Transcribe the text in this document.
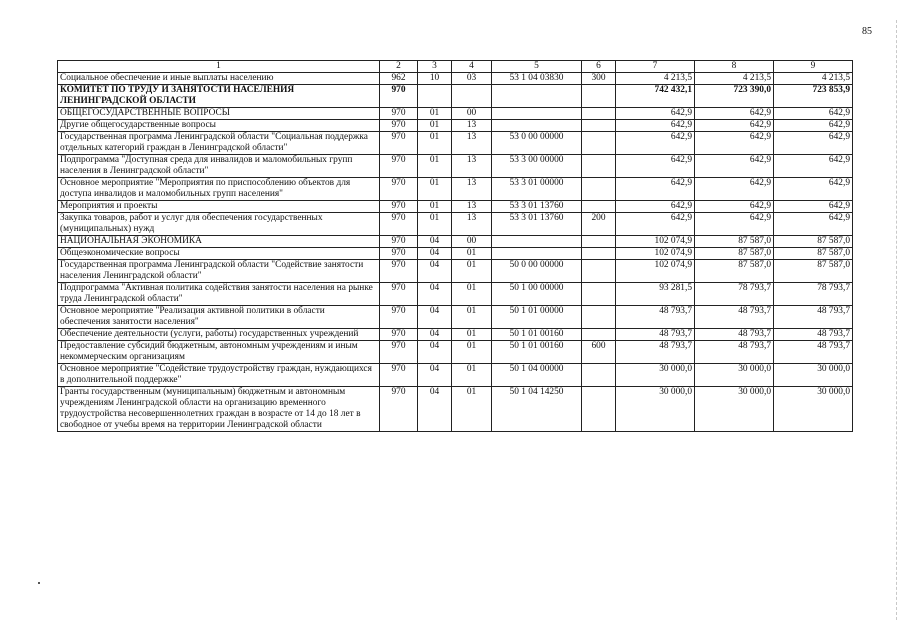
85
1	2	3	4	5	6	7	8	9
Социальное обеспечение и иные выплаты населению	962	10	03	53 1 04 03830	300	4 213,5	4 213,5	4 213,5
КОМИТЕТ ПО ТРУДУ И ЗАНЯТОСТИ НАСЕЛЕНИЯ ЛЕНИНГРАДСКОЙ ОБЛАСТИ	970					742 432,1	723 390,0	723 853,9
ОБЩЕГОСУДАРСТВЕННЫЕ ВОПРОСЫ	970	01	00			642,9	642,9	642,9
Другие общегосударственные вопросы	970	01	13			642,9	642,9	642,9
Государственная программа Ленинградской области "Социальная поддержка отдельных категорий граждан в Ленинградской области"	970	01	13	53 0 00 00000		642,9	642,9	642,9
Подпрограмма "Доступная среда для инвалидов и маломобильных групп населения в Ленинградской области"	970	01	13	53 3 00 00000		642,9	642,9	642,9
Основное мероприятие "Мероприятия по приспособлению объектов для доступа инвалидов и маломобильных групп населения"	970	01	13	53 3 01 00000		642,9	642,9	642,9
Мероприятия и проекты	970	01	13	53 3 01 13760		642,9	642,9	642,9
Закупка товаров, работ и услуг для обеспечения государственных (муниципальных) нужд	970	01	13	53 3 01 13760	200	642,9	642,9	642,9
НАЦИОНАЛЬНАЯ ЭКОНОМИКА	970	04	00			102 074,9	87 587,0	87 587,0
Общеэкономические вопросы	970	04	01			102 074,9	87 587,0	87 587,0
Государственная программа Ленинградской области "Содействие занятости населения Ленинградской области"	970	04	01	50 0 00 00000		102 074,9	87 587,0	87 587,0
Подпрограмма "Активная политика содействия занятости населения на рынке труда Ленинградской области"	970	04	01	50 1 00 00000		93 281,5	78 793,7	78 793,7
Основное мероприятие "Реализация активной политики в области обеспечения занятости населения"	970	04	01	50 1 01 00000		48 793,7	48 793,7	48 793,7
Обеспечение деятельности (услуги, работы) государственных учреждений	970	04	01	50 1 01 00160		48 793,7	48 793,7	48 793,7
Предоставление субсидий бюджетным, автономным учреждениям и иным некоммерческим организациям	970	04	01	50 1 01 00160	600	48 793,7	48 793,7	48 793,7
Основное мероприятие "Содействие трудоустройству граждан, нуждающихся в дополнительной поддержке"	970	04	01	50 1 04 00000		30 000,0	30 000,0	30 000,0
Гранты государственным (муниципальным) бюджетным и автономным учреждениям Ленинградской области на организацию временного трудоустройства несовершеннолетних граждан в возрасте от 14 до 18 лет в свободное от учебы время на территории Ленинградской области	970	04	01	50 1 04 14250		30 000,0	30 000,0	30 000,0
